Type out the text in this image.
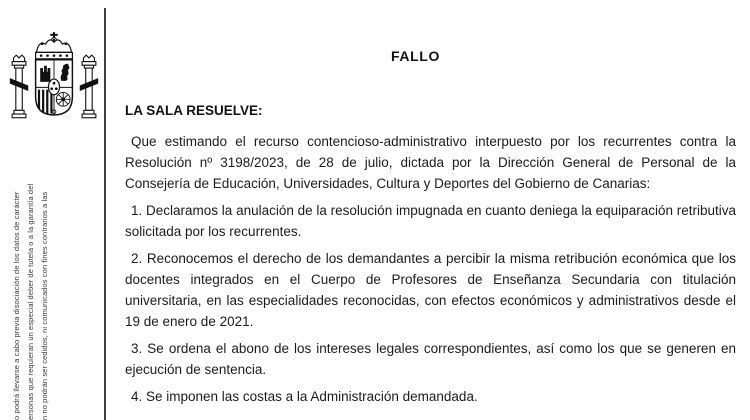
o podrá llevarse a cabo previa disociación de los datos de carácter ersonas que requieran un especial deber de tutela o a la garantía del n no podrán ser cedidos, ni comunicados con fines contrarios a las
FALLO
LA SALA RESUELVE:

Que estimando el recurso contencioso-administrativo interpuesto por los recurrentes contra la Resolución nº 3198/2023, de 28 de julio, dictada por la Dirección General de Personal de la Consejería de Educación, Universidades, Cultura y Deportes del Gobierno de Canarias:

1. Declaramos la anulación de la resolución impugnada en cuanto deniega la equiparación retributiva solicitada por los recurrentes.

2. Reconocemos el derecho de los demandantes a percibir la misma retribución económica que los docentes integrados en el Cuerpo de Profesores de Enseñanza Secundaria con titulación universitaria, en las especialidades reconocidas, con efectos económicos y administrativos desde el 19 de enero de 2021.

3. Se ordena el abono de los intereses legales correspondientes, así como los que se generen en ejecución de sentencia.

4. Se imponen las costas a la Administración demandada.
